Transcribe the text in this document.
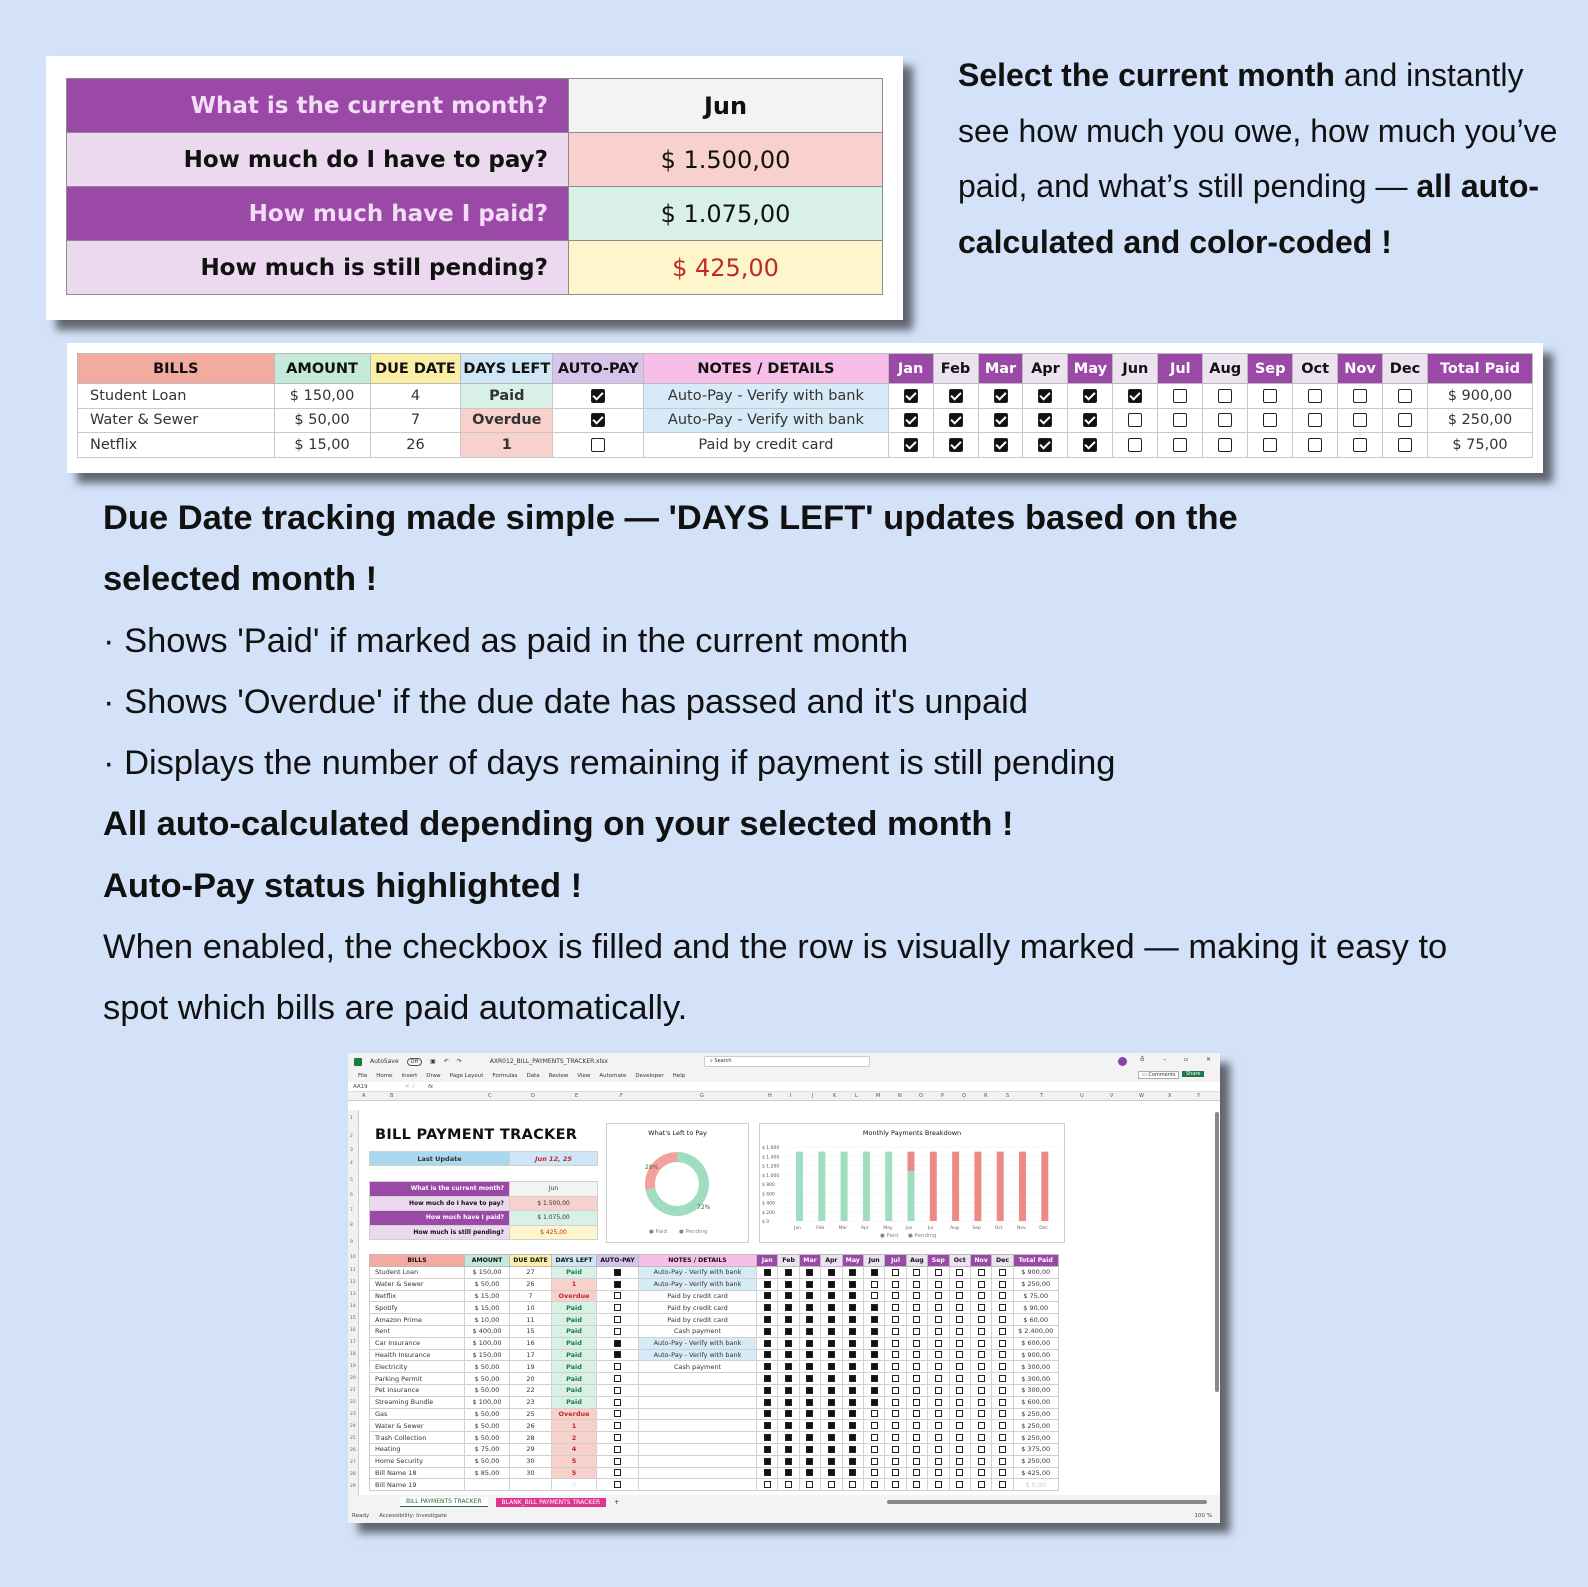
What is the current month?	Jun
How much do I have to pay?	$ 1.500,00
How much have I paid?	$ 1.075,00
How much is still pending?	$ 425,00
Select the current month and instantly see how much you owe, how much you’ve paid, and what’s still pending — all auto-calculated and color-coded !
BILLS	AMOUNT	DUE DATE	DAYS LEFT	AUTO-PAY	NOTES / DETAILS	Jan	Feb	Mar	Apr	May	Jun	Jul	Aug	Sep	Oct	Nov	Dec	Total Paid
Student Loan	$ 150,00	4	Paid		Auto-Pay - Verify with bank													$ 900,00
Water & Sewer	$ 50,00	7	Overdue		Auto-Pay - Verify with bank													$ 250,00
Netflix	$ 15,00	26	1		Paid by credit card													$ 75,00
Due Date tracking made simple — 'DAYS LEFT' updates based on the selected month !
· Shows 'Paid' if marked as paid in the current month
· Shows 'Overdue' if the due date has passed and it's unpaid
· Displays the number of days remaining if payment is still pending
All auto-calculated depending on your selected month !
Auto-Pay status highlighted !
When enabled, the checkbox is filled and the row is visually marked — making it easy to spot which bills are paid automatically.
AutoSave	Off	▣ ↶ ↷	AXR012_BILL_PAYMENTS_TRACKER.xlsx	⌕ Search	♁	–	▫	✕
File Home Insert Draw Page Layout Formulas Data Review View Automate Developer Help	▭ Comments	Share
AA19	✕ ✓ fx
A	B	C	D	E	F	G	H	I	J	K	L	M	N	O	P	Q	R	S	T	U	V	W	X	Y
1
2
3
4
5
6
7
8
9
10
11
12
13
14
15
16
17
18
19
20
21
22
23
24
25
26
27
28
29
BILL PAYMENT TRACKER
Last Update	Jun 12, 25
What is the current month?	Jun
How much do I have to pay?	$ 1.500,00
How much have I paid?	$ 1.075,00
How much is still pending?	$ 425,00
What's Left to Pay
28%
72%
● Paid ● Pending
Monthly Payments Breakdown
$ 1.600
$ 1.400
$ 1.200
$ 1.000
$ 800
$ 600
$ 400
$ 200
$ 0
Jan	Feb	Mar	Apr	May	Jun	Jul	Aug	Sep	Oct	Nov	Dec
● Paid ● Pending
BILLS	AMOUNT	DUE DATE	DAYS LEFT	AUTO-PAY	NOTES / DETAILS	Jan	Feb	Mar	Apr	May	Jun	Jul	Aug	Sep	Oct	Nov	Dec	Total Paid
Student Loan	$ 150,00	27	Paid		Auto-Pay - Verify with bank													$ 900,00
Water & Sewer	$ 50,00	26	1		Auto-Pay - Verify with bank													$ 250,00
Netflix	$ 15,00	7	Overdue		Paid by credit card													$ 75,00
Spotify	$ 15,00	10	Paid		Paid by credit card													$ 90,00
Amazon Prime	$ 10,00	11	Paid		Paid by credit card													$ 60,00
Rent	$ 400,00	15	Paid		Cash payment													$ 2.400,00
Car Insurance	$ 100,00	16	Paid		Auto-Pay - Verify with bank													$ 600,00
Health Insurance	$ 150,00	17	Paid		Auto-Pay - Verify with bank													$ 900,00
Electricity	$ 50,00	19	Paid		Cash payment													$ 300,00
Parking Permit	$ 50,00	20	Paid															$ 300,00
Pet Insurance	$ 50,00	22	Paid															$ 300,00
Streaming Bundle	$ 100,00	23	Paid															$ 600,00
Gas	$ 50,00	25	Overdue															$ 250,00
Water & Sewer	$ 50,00	26	1															$ 250,00
Trash Collection	$ 50,00	28	2															$ 250,00
Heating	$ 75,00	29	4															$ 375,00
Home Security	$ 50,00	30	5															$ 250,00
Bill Name 18	$ 85,00	30	5															$ 425,00
Bill Name 19			0															$ 0,00
BILL PAYMENTS TRACKER	BLANK_BILL PAYMENTS TRACKER	+
Ready Accessibility: Investigate	100 %
